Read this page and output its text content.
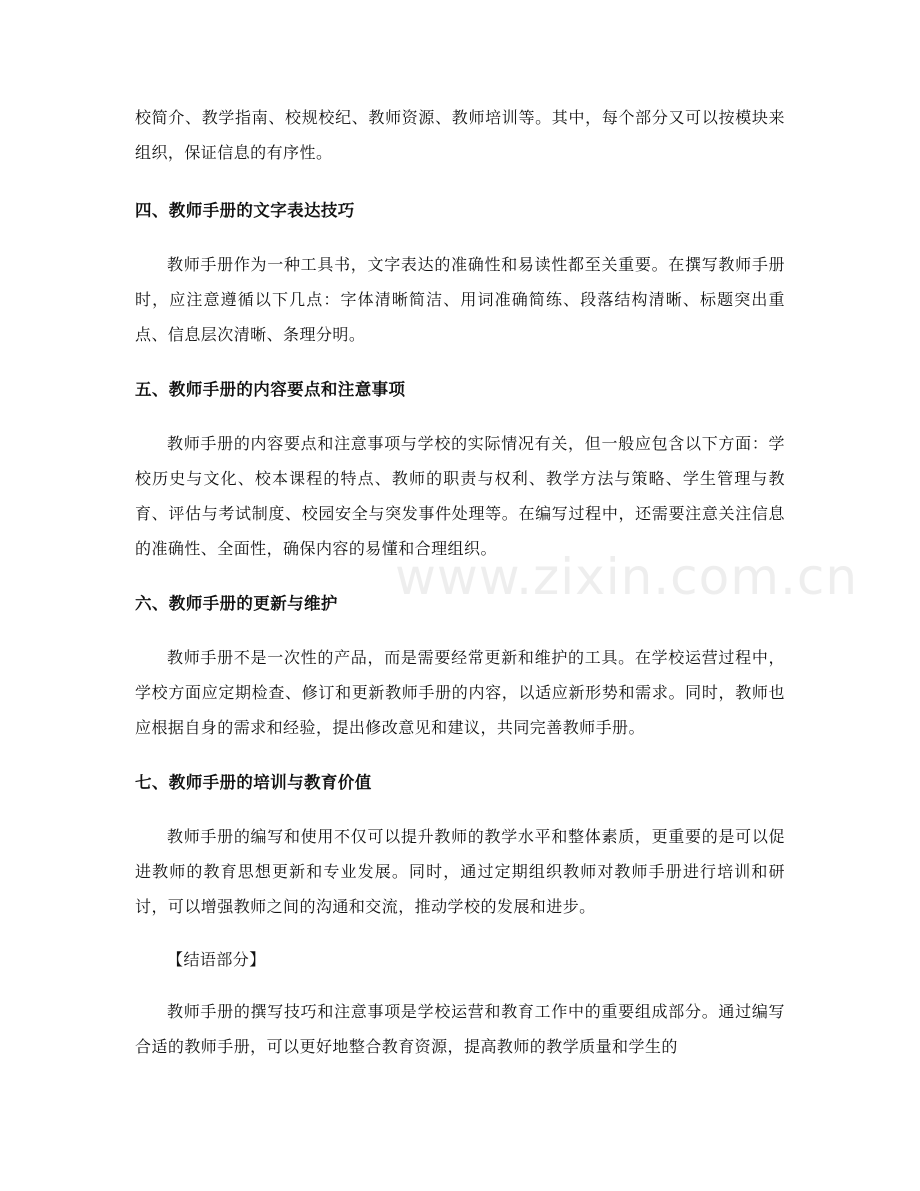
校简介、教学指南、校规校纪、教师资源、教师培训等。其中，每个部分又可以按模块来组织，保证信息的有序性。

四、教师手册的文字表达技巧

教师手册作为一种工具书，文字表达的准确性和易读性都至关重要。在撰写教师手册时，应注意遵循以下几点：字体清晰简洁、用词准确简练、段落结构清晰、标题突出重点、信息层次清晰、条理分明。

五、教师手册的内容要点和注意事项

教师手册的内容要点和注意事项与学校的实际情况有关，但一般应包含以下方面：学校历史与文化、校本课程的特点、教师的职责与权利、教学方法与策略、学生管理与教育、评估与考试制度、校园安全与突发事件处理等。在编写过程中，还需要注意关注信息的准确性、全面性，确保内容的易懂和合理组织。

六、教师手册的更新与维护

教师手册不是一次性的产品，而是需要经常更新和维护的工具。在学校运营过程中，学校方面应定期检查、修订和更新教师手册的内容，以适应新形势和需求。同时，教师也应根据自身的需求和经验，提出修改意见和建议，共同完善教师手册。

七、教师手册的培训与教育价值

教师手册的编写和使用不仅可以提升教师的教学水平和整体素质，更重要的是可以促进教师的教育思想更新和专业发展。同时，通过定期组织教师对教师手册进行培训和研讨，可以增强教师之间的沟通和交流，推动学校的发展和进步。

【结语部分】

教师手册的撰写技巧和注意事项是学校运营和教育工作中的重要组成部分。通过编写合适的教师手册，可以更好地整合教育资源，提高教师的教学质量和学生的

www.zixin.com.cn
